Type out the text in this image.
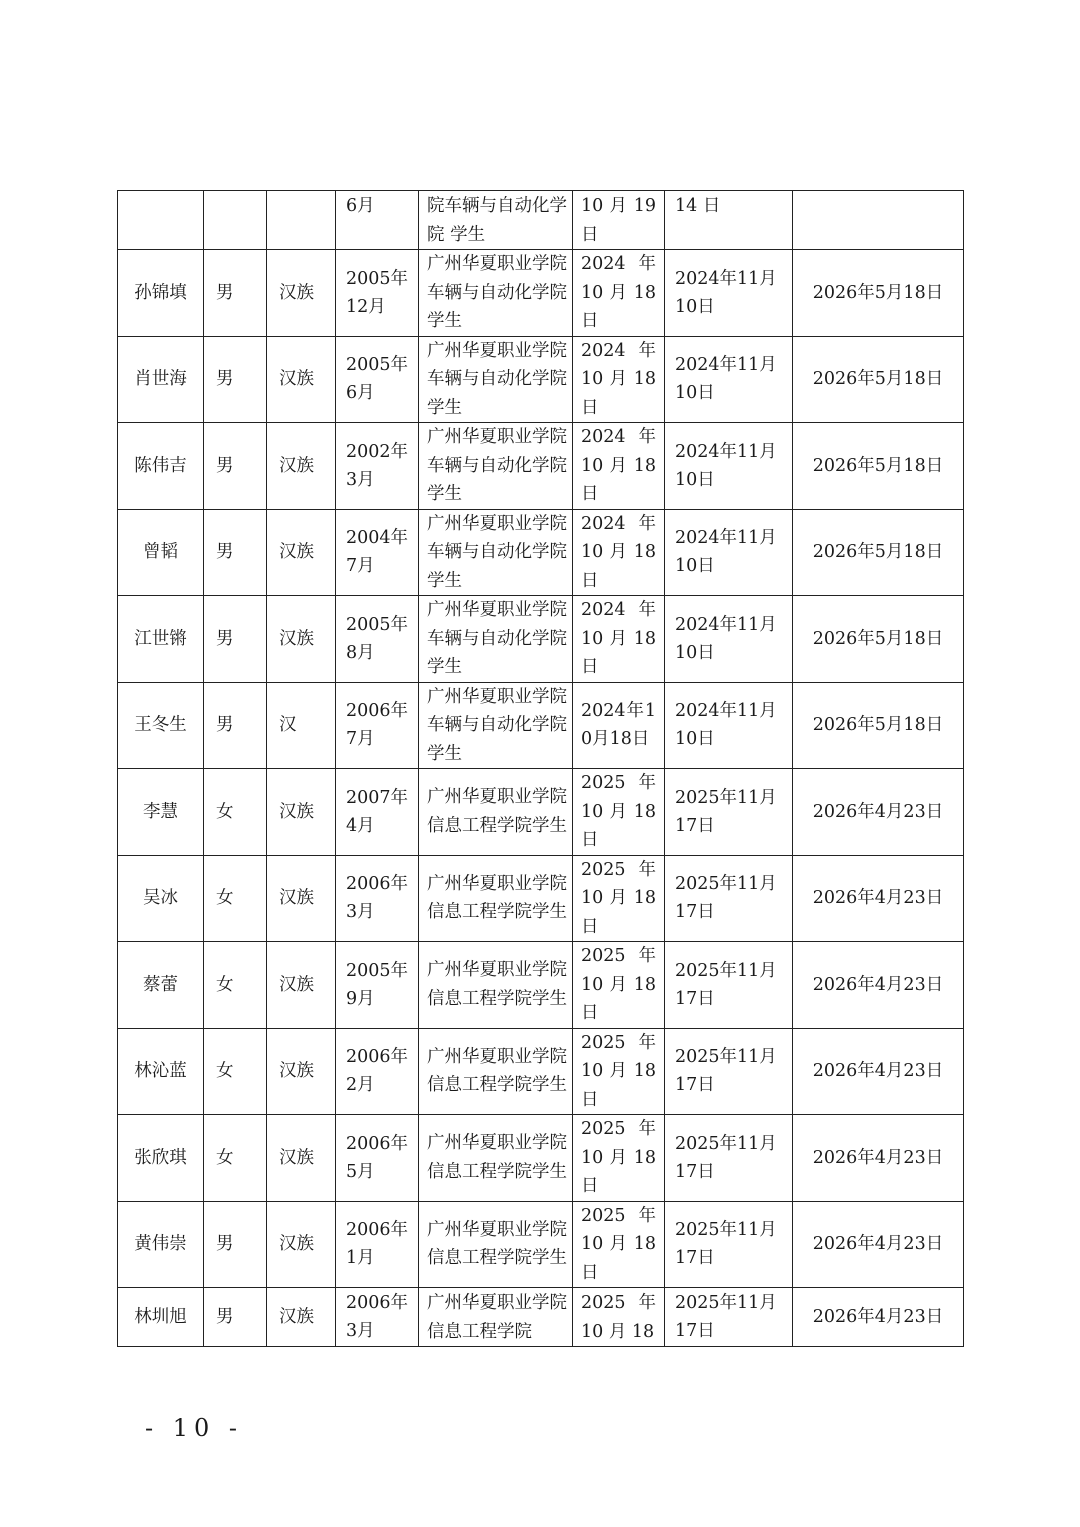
			6月	院车辆与自动化学院 学生	10 月 19 日	14 日	
孙锦填	男	汉族	2005年12月	广州华夏职业学院车辆与自动化学院 学生	2024 年 10 月 18 日	2024年11月10日	2026年5月18日
肖世海	男	汉族	2005年6月	广州华夏职业学院车辆与自动化学院 学生	2024 年 10 月 18 日	2024年11月10日	2026年5月18日
陈伟吉	男	汉族	2002年3月	广州华夏职业学院车辆与自动化学院 学生	2024 年 10 月 18 日	2024年11月10日	2026年5月18日
曾韬	男	汉族	2004年7月	广州华夏职业学院车辆与自动化学院 学生	2024 年 10 月 18 日	2024年11月10日	2026年5月18日
江世锵	男	汉族	2005年8月	广州华夏职业学院车辆与自动化学院 学生	2024 年 10 月 18 日	2024年11月10日	2026年5月18日
王冬生	男	汉	2006年7月	广州华夏职业学院车辆与自动化学院 学生	2024年10月18日	2024年11月10日	2026年5月18日
李慧	女	汉族	2007年4月	广州华夏职业学院信息工程学院学生	2025 年 10 月 18 日	2025年11月17日	2026年4月23日
吴冰	女	汉族	2006年3月	广州华夏职业学院信息工程学院学生	2025 年 10 月 18 日	2025年11月17日	2026年4月23日
蔡蕾	女	汉族	2005年9月	广州华夏职业学院信息工程学院学生	2025 年 10 月 18 日	2025年11月17日	2026年4月23日
林沁蓝	女	汉族	2006年2月	广州华夏职业学院信息工程学院学生	2025 年 10 月 18 日	2025年11月17日	2026年4月23日
张欣琪	女	汉族	2006年5月	广州华夏职业学院信息工程学院学生	2025 年 10 月 18 日	2025年11月17日	2026年4月23日
黄伟崇	男	汉族	2006年1月	广州华夏职业学院信息工程学院学生	2025 年 10 月 18 日	2025年11月17日	2026年4月23日
林圳旭	男	汉族	2006年3月	广州华夏职业学院信息工程学院	2025 年 10 月 18	2025年11月17日	2026年4月23日
- 10 -
